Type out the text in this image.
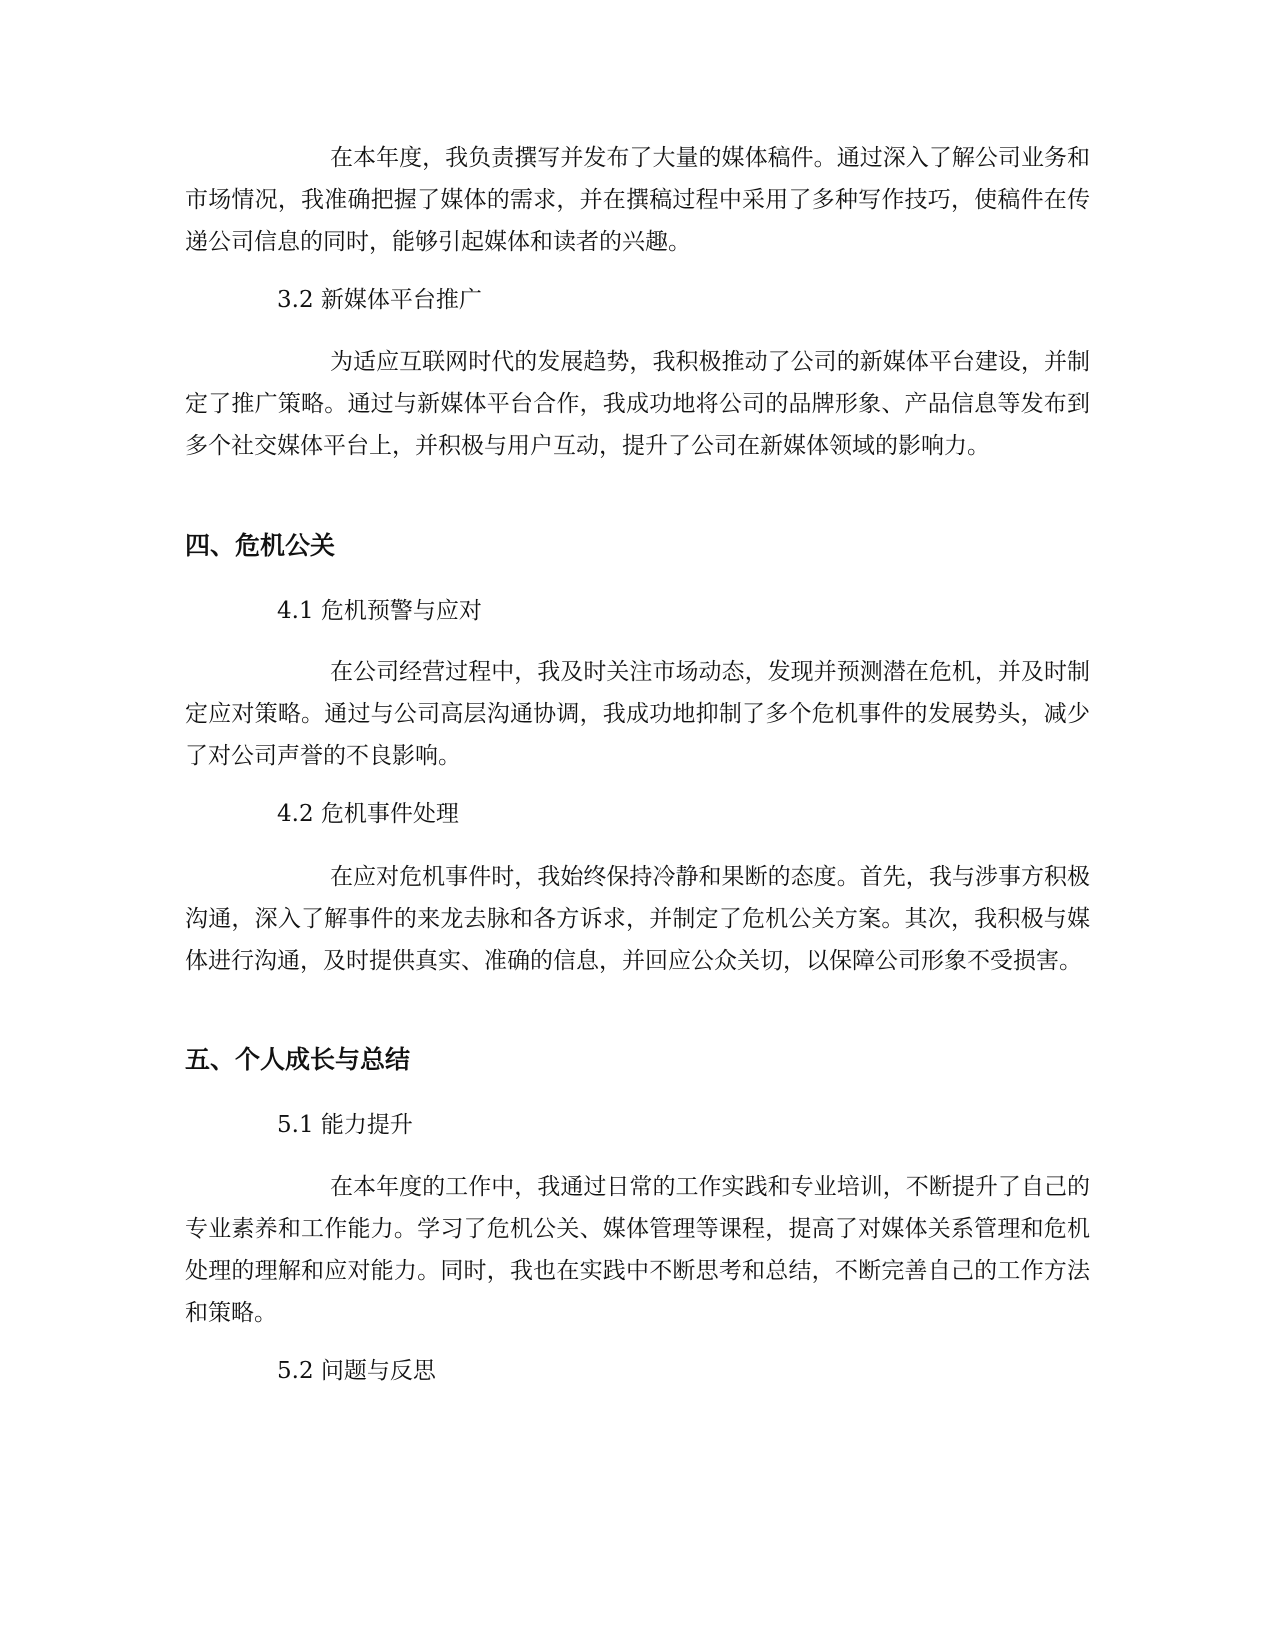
在本年度，我负责撰写并发布了大量的媒体稿件。通过深入了解公司业务和市场情况，我准确把握了媒体的需求，并在撰稿过程中采用了多种写作技巧，使稿件在传递公司信息的同时，能够引起媒体和读者的兴趣。

3.2 新媒体平台推广

为适应互联网时代的发展趋势，我积极推动了公司的新媒体平台建设，并制定了推广策略。通过与新媒体平台合作，我成功地将公司的品牌形象、产品信息等发布到多个社交媒体平台上，并积极与用户互动，提升了公司在新媒体领域的影响力。

四、危机公关

4.1 危机预警与应对

在公司经营过程中，我及时关注市场动态，发现并预测潜在危机，并及时制定应对策略。通过与公司高层沟通协调，我成功地抑制了多个危机事件的发展势头，减少了对公司声誉的不良影响。

4.2 危机事件处理

在应对危机事件时，我始终保持冷静和果断的态度。首先，我与涉事方积极沟通，深入了解事件的来龙去脉和各方诉求，并制定了危机公关方案。其次，我积极与媒体进行沟通，及时提供真实、准确的信息，并回应公众关切，以保障公司形象不受损害。

五、个人成长与总结

5.1 能力提升

在本年度的工作中，我通过日常的工作实践和专业培训，不断提升了自己的专业素养和工作能力。学习了危机公关、媒体管理等课程，提高了对媒体关系管理和危机处理的理解和应对能力。同时，我也在实践中不断思考和总结，不断完善自己的工作方法和策略。

5.2 问题与反思
